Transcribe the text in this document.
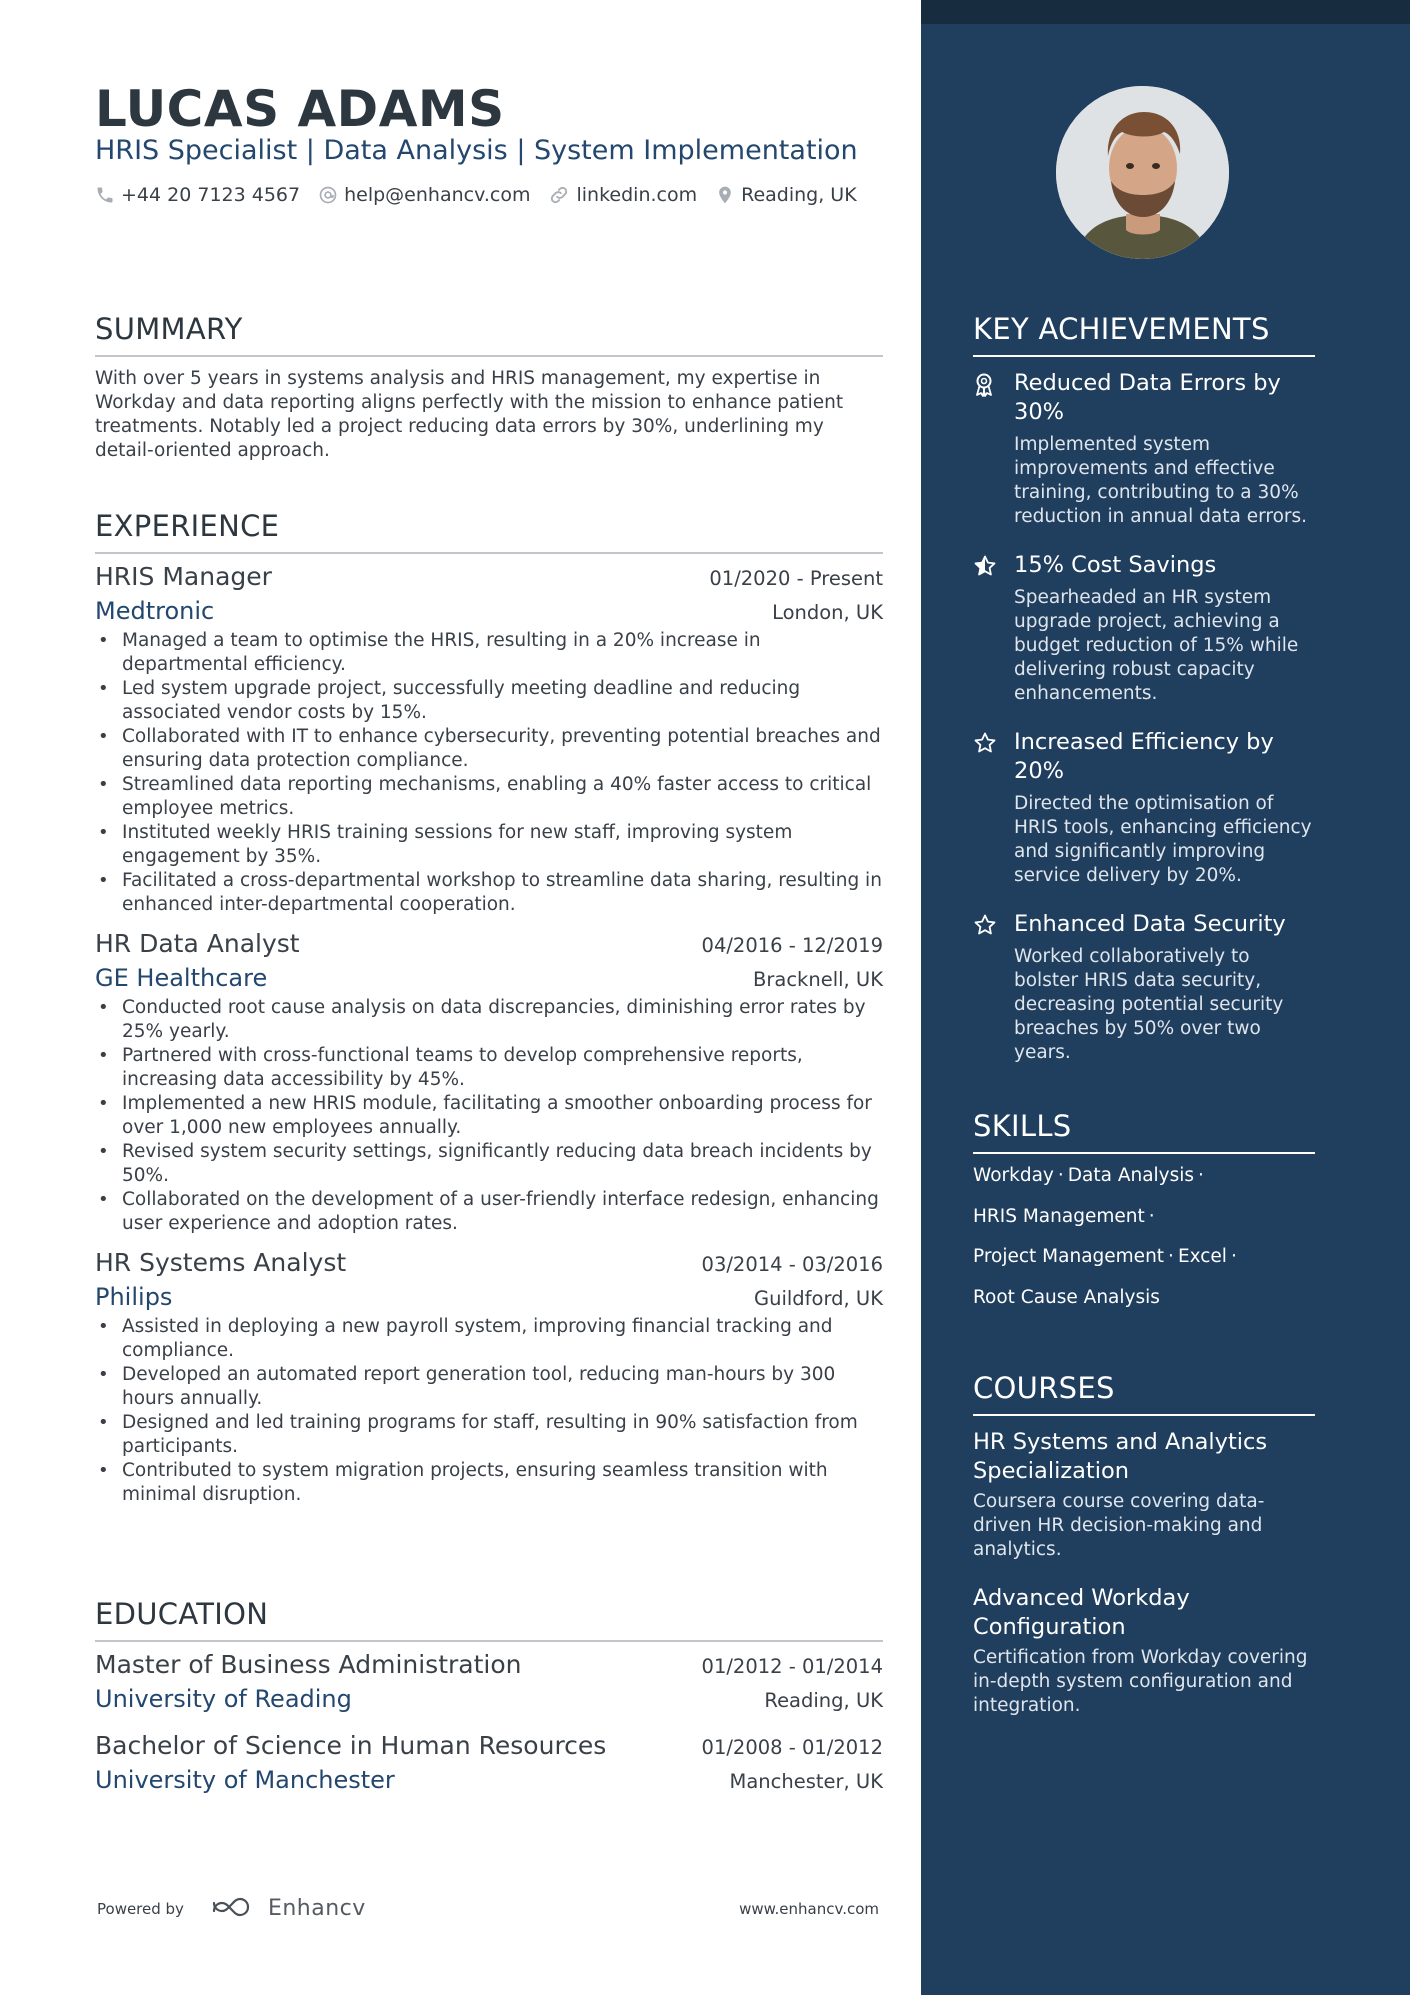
LUCAS ADAMS
HRIS Specialist | Data Analysis | System Implementation
+44 20 7123 4567 help@enhancv.com linkedin.com Reading, UK
SUMMARY
With over 5 years in systems analysis and HRIS management, my expertise in Workday and data reporting aligns perfectly with the mission to enhance patient treatments. Notably led a project reducing data errors by 30%, underlining my detail-oriented approach.
EXPERIENCE
HRIS Manager	01/2020 - Present
Medtronic	London, UK
• Managed a team to optimise the HRIS, resulting in a 20% increase in departmental efficiency.
• Led system upgrade project, successfully meeting deadline and reducing associated vendor costs by 15%.
• Collaborated with IT to enhance cybersecurity, preventing potential breaches and ensuring data protection compliance.
• Streamlined data reporting mechanisms, enabling a 40% faster access to critical employee metrics.
• Instituted weekly HRIS training sessions for new staff, improving system engagement by 35%.
• Facilitated a cross-departmental workshop to streamline data sharing, resulting in enhanced inter-departmental cooperation.
HR Data Analyst	04/2016 - 12/2019
GE Healthcare	Bracknell, UK
• Conducted root cause analysis on data discrepancies, diminishing error rates by 25% yearly.
• Partnered with cross-functional teams to develop comprehensive reports, increasing data accessibility by 45%.
• Implemented a new HRIS module, facilitating a smoother onboarding process for over 1,000 new employees annually.
• Revised system security settings, significantly reducing data breach incidents by 50%.
• Collaborated on the development of a user-friendly interface redesign, enhancing user experience and adoption rates.
HR Systems Analyst	03/2014 - 03/2016
Philips	Guildford, UK
• Assisted in deploying a new payroll system, improving financial tracking and compliance.
• Developed an automated report generation tool, reducing man-hours by 300 hours annually.
• Designed and led training programs for staff, resulting in 90% satisfaction from participants.
• Contributed to system migration projects, ensuring seamless transition with minimal disruption.
EDUCATION
Master of Business Administration	01/2012 - 01/2014
University of Reading	Reading, UK
Bachelor of Science in Human Resources	01/2008 - 01/2012
University of Manchester	Manchester, UK
Powered by	Enhancv	www.enhancv.com
KEY ACHIEVEMENTS
Reduced Data Errors by 30%
Implemented system improvements and effective training, contributing to a 30% reduction in annual data errors.
15% Cost Savings
Spearheaded an HR system upgrade project, achieving a budget reduction of 15% while delivering robust capacity enhancements.
Increased Efficiency by 20%
Directed the optimisation of HRIS tools, enhancing efficiency and significantly improving service delivery by 20%.
Enhanced Data Security
Worked collaboratively to bolster HRIS data security, decreasing potential security breaches by 50% over two years.
SKILLS
Workday · Data Analysis ·
HRIS Management ·
Project Management · Excel ·
Root Cause Analysis
COURSES
HR Systems and Analytics Specialization
Coursera course covering data-driven HR decision-making and analytics.
Advanced Workday Configuration
Certification from Workday covering in-depth system configuration and integration.
